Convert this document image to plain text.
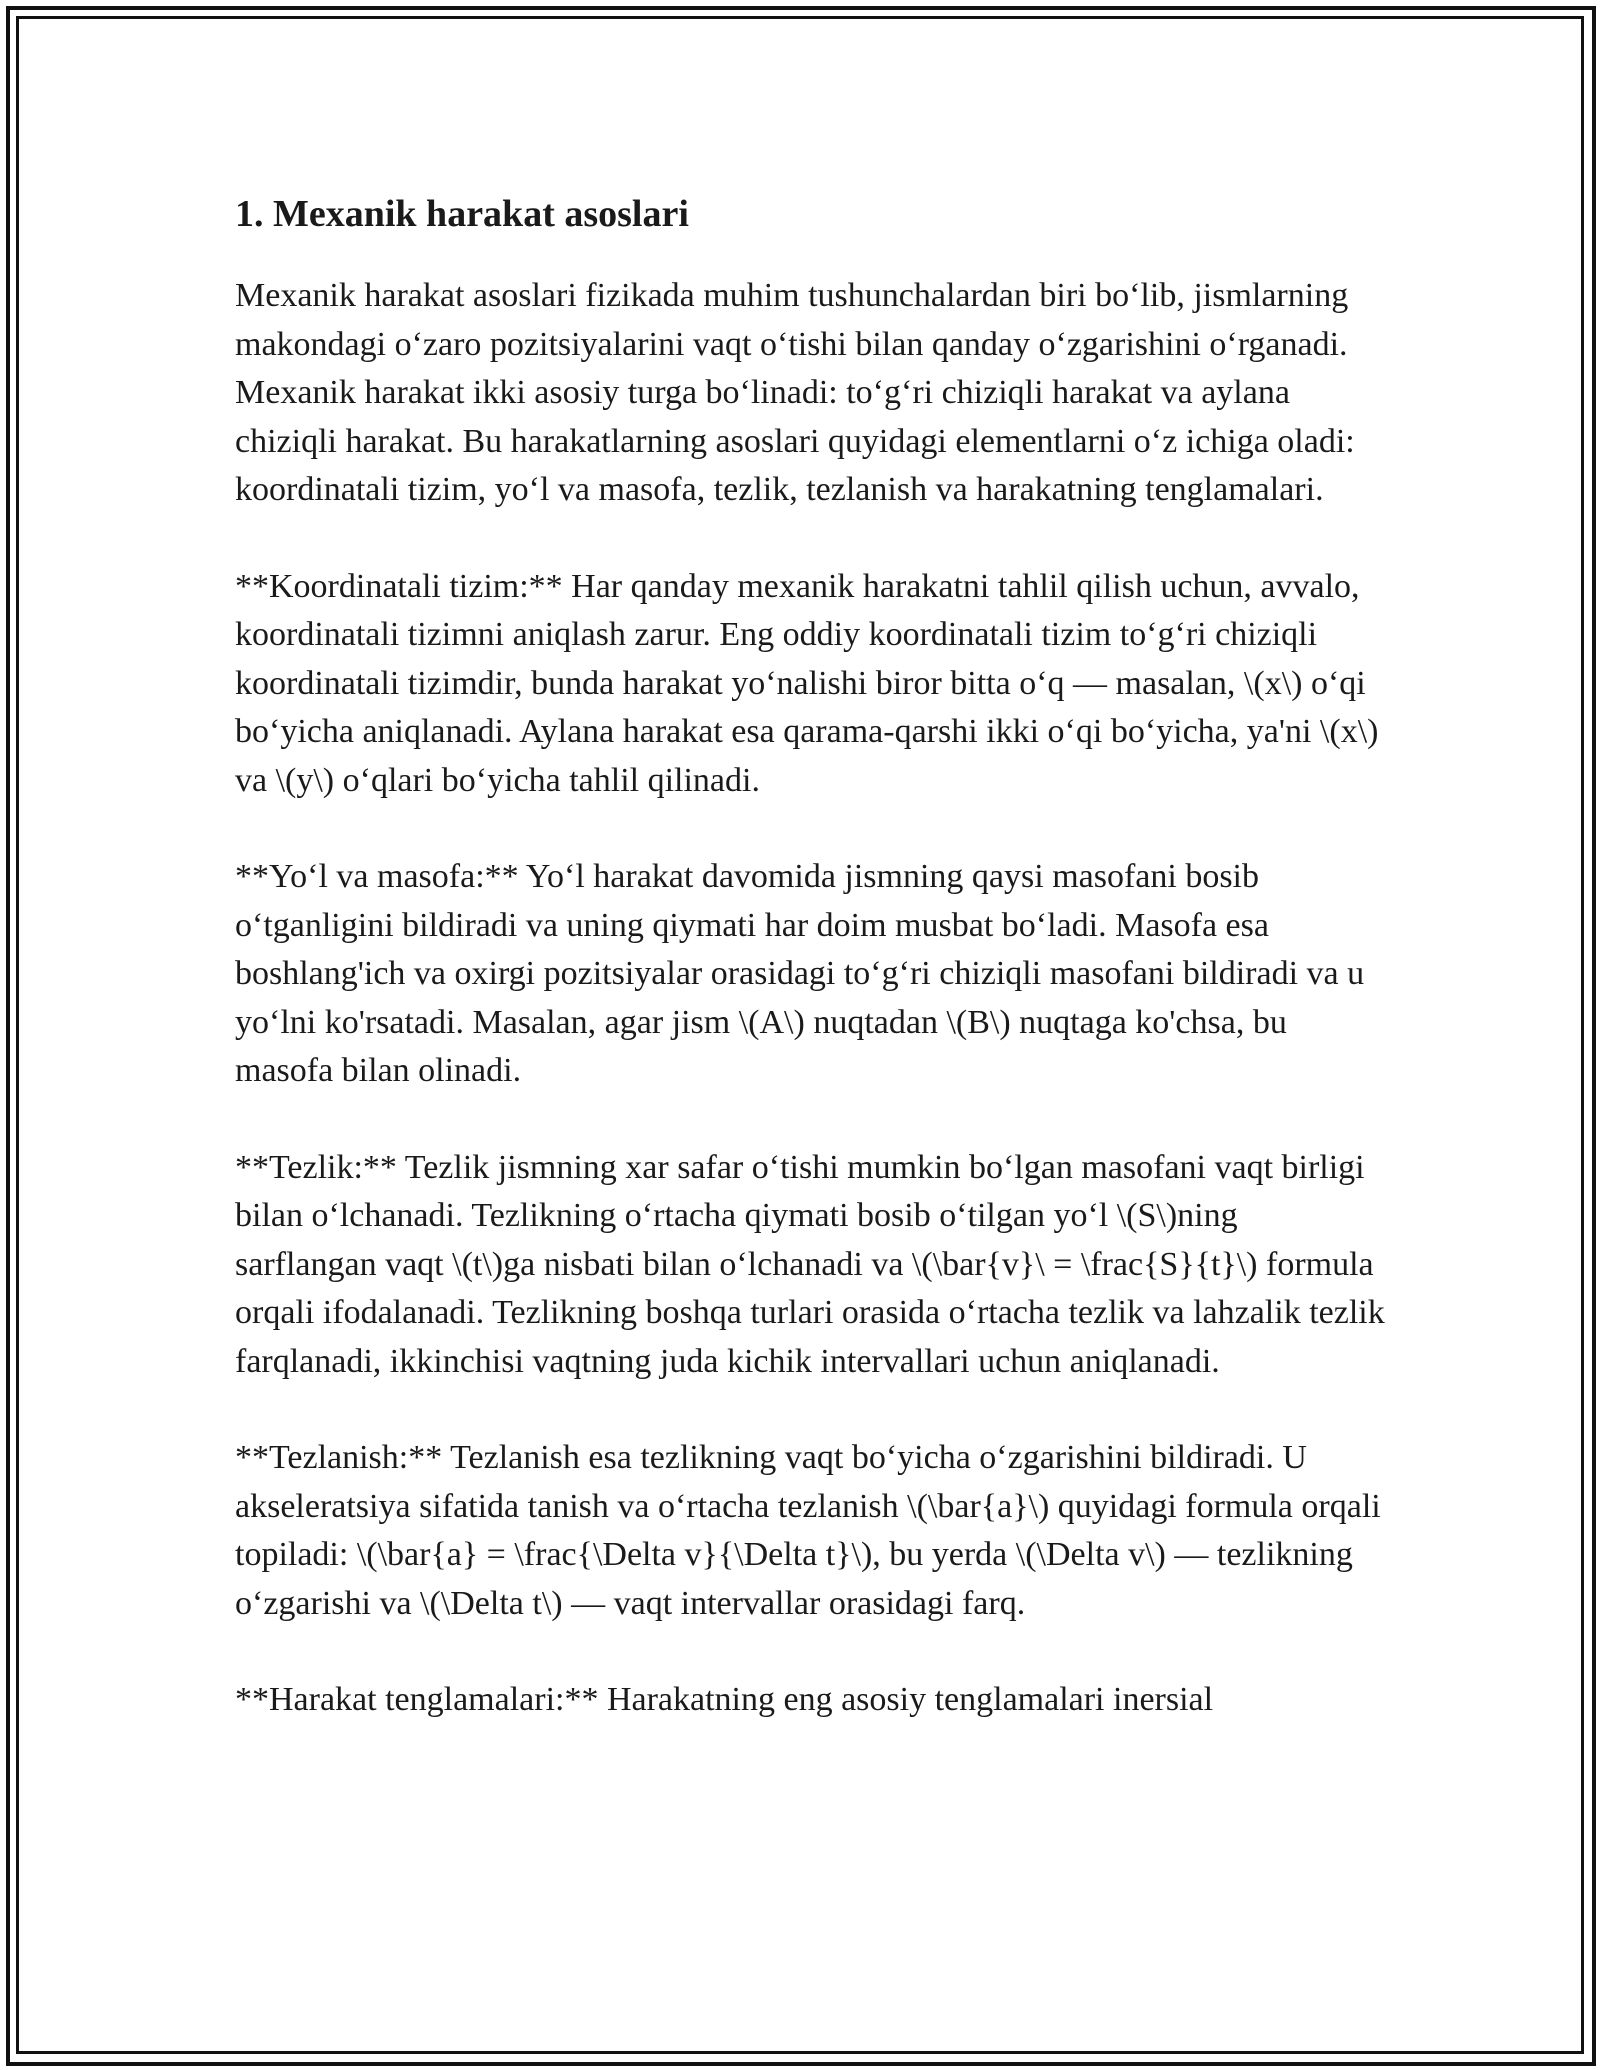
1. Mexanik harakat asoslari

Mexanik harakat asoslari fizikada muhim tushunchalardan biri bo‘lib, jismlarning makondagi o‘zaro pozitsiyalarini vaqt o‘tishi bilan qanday o‘zgarishini o‘rganadi. Mexanik harakat ikki asosiy turga bo‘linadi: to‘g‘ri chiziqli harakat va aylana chiziqli harakat. Bu harakatlarning asoslari quyidagi elementlarni o‘z ichiga oladi: koordinatali tizim, yo‘l va masofa, tezlik, tezlanish va harakatning tenglamalari.

**Koordinatali tizim:** Har qanday mexanik harakatni tahlil qilish uchun, avvalo, koordinatali tizimni aniqlash zarur. Eng oddiy koordinatali tizim to‘g‘ri chiziqli koordinatali tizimdir, bunda harakat yo‘nalishi biror bitta o‘q — masalan, \(x\) o‘qi bo‘yicha aniqlanadi. Aylana harakat esa qarama-qarshi ikki o‘qi bo‘yicha, ya'ni \(x\) va \(y\) o‘qlari bo‘yicha tahlil qilinadi.

**Yo‘l va masofa:** Yo‘l harakat davomida jismning qaysi masofani bosib o‘tganligini bildiradi va uning qiymati har doim musbat bo‘ladi. Masofa esa boshlang'ich va oxirgi pozitsiyalar orasidagi to‘g‘ri chiziqli masofani bildiradi va u yo‘lni ko'rsatadi. Masalan, agar jism \(A\) nuqtadan \(B\) nuqtaga ko'chsa, bu masofa bilan olinadi.

**Tezlik:** Tezlik jismning xar safar o‘tishi mumkin bo‘lgan masofani vaqt birligi bilan o‘lchanadi. Tezlikning o‘rtacha qiymati bosib o‘tilgan yo‘l \(S\)ning sarflangan vaqt \(t\)ga nisbati bilan o‘lchanadi va \(\bar{v}\ = \frac{S}{t}\) formula orqali ifodalanadi. Tezlikning boshqa turlari orasida o‘rtacha tezlik va lahzalik tezlik farqlanadi, ikkinchisi vaqtning juda kichik intervallari uchun aniqlanadi.

**Tezlanish:** Tezlanish esa tezlikning vaqt bo‘yicha o‘zgarishini bildiradi. U akseleratsiya sifatida tanish va o‘rtacha tezlanish \(\bar{a}\) quyidagi formula orqali topiladi: \(\bar{a} = \frac{\Delta v}{\Delta t}\), bu yerda \(\Delta v\) — tezlikning o‘zgarishi va \(\Delta t\) — vaqt intervallar orasidagi farq.

**Harakat tenglamalari:** Harakatning eng asosiy tenglamalari inersial
